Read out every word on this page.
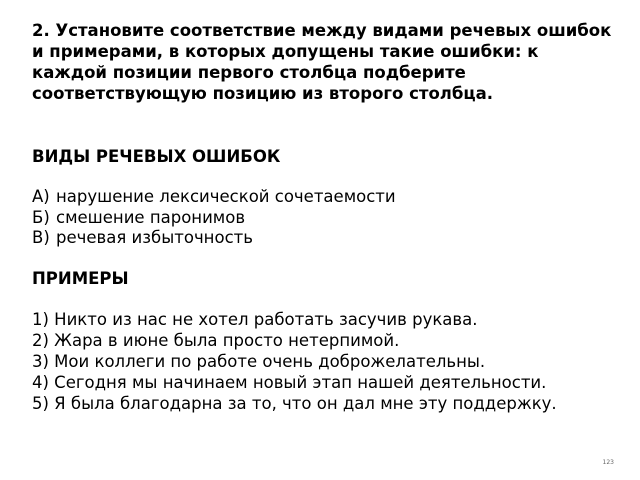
2. Установите соответствие между видами речевых ошибок и примерами, в которых допущены такие ошибки: к каждой позиции первого столбца подберите соответствующую позицию из второго столбца.

ВИДЫ РЕЧЕВЫХ ОШИБОК

А) нарушение лексической сочетаемости
Б) смешение паронимов
В) речевая избыточность

ПРИМЕРЫ

1) Никто из нас не хотел работать засучив рукава.
2) Жара в июне была просто нетерпимой.
3) Мои коллеги по работе очень доброжелательны.
4) Сегодня мы начинаем новый этап нашей деятельности.
5) Я была благодарна за то, что он дал мне эту поддержку.
123
